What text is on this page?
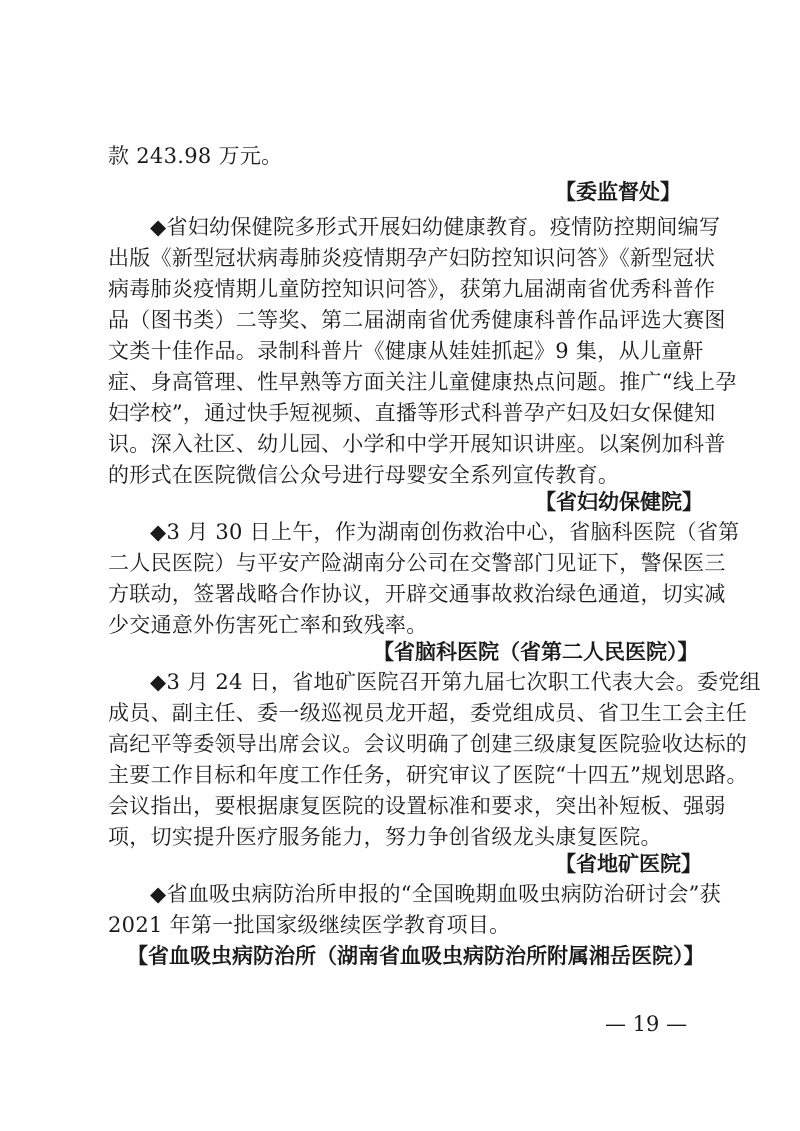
款 243.98 万元。
【委监督处】
◆省妇幼保健院多形式开展妇幼健康教育。疫情防控期间编写
出版《新型冠状病毒肺炎疫情期孕产妇防控知识问答》《新型冠状
病毒肺炎疫情期儿童防控知识问答》，获第九届湖南省优秀科普作
品（图书类）二等奖、第二届湖南省优秀健康科普作品评选大赛图
文类十佳作品。录制科普片《健康从娃娃抓起》9 集，从儿童鼾
症、身高管理、性早熟等方面关注儿童健康热点问题。推广“线上孕
妇学校”，通过快手短视频、直播等形式科普孕产妇及妇女保健知
识。深入社区、幼儿园、小学和中学开展知识讲座。以案例加科普
的形式在医院微信公众号进行母婴安全系列宣传教育。
【省妇幼保健院】
◆3 月 30 日上午，作为湖南创伤救治中心，省脑科医院（省第
二人民医院）与平安产险湖南分公司在交警部门见证下，警保医三
方联动，签署战略合作协议，开辟交通事故救治绿色通道，切实减
少交通意外伤害死亡率和致残率。
【省脑科医院（省第二人民医院）】
◆3 月 24 日，省地矿医院召开第九届七次职工代表大会。委党组
成员、副主任、委一级巡视员龙开超，委党组成员、省卫生工会主任
高纪平等委领导出席会议。会议明确了创建三级康复医院验收达标的
主要工作目标和年度工作任务，研究审议了医院“十四五”规划思路。
会议指出，要根据康复医院的设置标准和要求，突出补短板、强弱
项，切实提升医疗服务能力，努力争创省级龙头康复医院。
【省地矿医院】
◆省血吸虫病防治所申报的“全国晚期血吸虫病防治研讨会”获
2021 年第一批国家级继续医学教育项目。
【省血吸虫病防治所（湖南省血吸虫病防治所附属湘岳医院）】
— 19 —
